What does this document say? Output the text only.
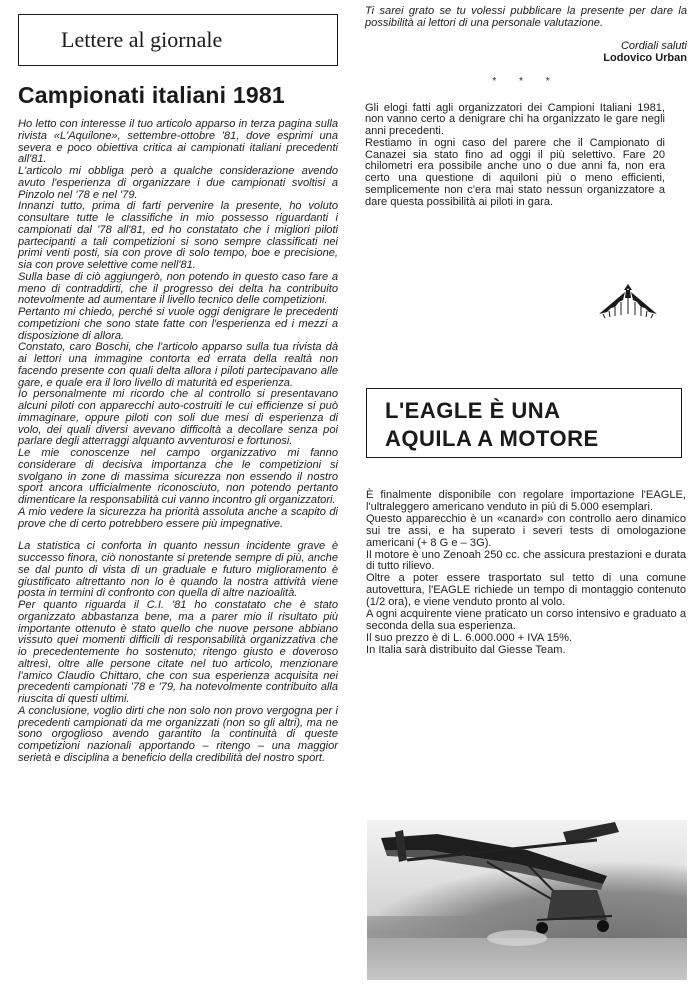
Lettere al giornale
Campionati italiani 1981

Ho letto con interesse il tuo articolo apparso in terza pagina sulla rivista «L'Aquilone», settembre-ottobre '81, dove esprimi una severa e poco obiettiva critica ai campionati italiani precedenti all'81.

L'articolo mi obbliga però a qualche considerazione avendo avuto l'esperienza di organizzare i due campionati svoltisi a Pinzolo nel '78 e nel '79.

Innanzi tutto, prima di farti pervenire la presente, ho voluto consultare tutte le classifiche in mio possesso riguardanti i campionati dal '78 all'81, ed ho constatato che i migliori piloti partecipanti a tali competizioni si sono sempre classificati nei primi venti posti, sia con prove di solo tempo, boe e precisione, sia con prove selettive come nell'81.

Sulla base di ciò aggiungerò, non potendo in questo caso fare a meno di contraddirti, che il progresso dei delta ha contribuito notevolmente ad aumentare il livello tecnico delle competizioni.

Pertanto mi chiedo, perché si vuole oggi denigrare le precedenti competizioni che sono state fatte con l'esperienza ed i mezzi a disposizione di allora.

Constato, caro Boschi, che l'articolo apparso sulla tua rivista dà ai lettori una immagine contorta ed errata della realtà non facendo presente con quali delta allora i piloti partecipavano alle gare, e quale era il loro livello di maturità ed esperienza.

Io personalmente mi ricordo che al controllo si presentavano alcuni piloti con apparecchi auto-costruiti le cui efficienze si può immaginare, oppure piloti con soli due mesi di esperienza di volo, dei quali diversi avevano difficoltà a decollare senza poi parlare degli atterraggi alquanto avventurosi e fortunosi.

Le mie conoscenze nel campo organizzativo mi fanno considerare di decisiva importanza che le competizioni si svolgano in zone di massima sicurezza non essendo il nostro sport ancora ufficialmente riconosciuto, non potendo pertanto dimenticare la responsabilità cui vanno incontro gli organizzatori.

A mio vedere la sicurezza ha priorità assoluta anche a scapito di prove che di certo potrebbero essere più impegnative.

La statistica ci conforta in quanto nessun incidente grave è successo finora, ciò nonostante si pretende sempre di più, anche se dal punto di vista di un graduale e futuro miglioramento è giustificato altrettanto non lo è quando la nostra attività viene posta in termini di confronto con quella di altre nazioalità.

Per quanto riguarda il C.I. '81 ho constatato che è stato organizzato abbastanza bene, ma a parer mio il risultato più importante ottenuto è stato quello che nuove persone abbiano vissuto quei momenti difficili di responsabilità organizzativa che io precedentemente ho sostenuto; ritengo giusto e doveroso altresì, oltre alle persone citate nel tuo articolo, menzionare l'amico Claudio Chittaro, che con sua esperienza acquisita nei precedenti campionati '78 e '79, ha notevolmente contribuito alla riuscita di questi ultimi.

A conclusione, voglio dirti che non solo non provo vergogna per i precedenti campionati da me organizzati (non so gli altri), ma ne sono orgoglioso avendo garantito la continuità di queste competizioni nazionali apportando – ritengo – una maggior serietà e disciplina a beneficio della credibilità del nostro sport.

Ti sarei grato se tu volessi pubblicare la presente per dare la possibilità ai lettori di una personale valutazione.

Cordiali saluti
Lodovico Urban
* * *

Gli elogi fatti agli organizzatori dei Campioni Italiani 1981, non vanno certo a denigrare chi ha organizzato le gare negli anni precedenti.

Restiamo in ogni caso del parere che il Campionato di Canazei sia stato fino ad oggi il più selettivo. Fare 20 chilometri era possibile anche uno o due anni fa, non era certo una questione di aquiloni più o meno efficienti, semplicemente non c'era mai stato nessun organizzatore a dare questa possibilità ai piloti in gara.

L'EAGLE È UNA
AQUILA A MOTORE

È finalmente disponibile con regolare importazione l'EAGLE, l'ultraleggero americano venduto in più di 5.000 esemplari.

Questo apparecchio è un «canard» con controllo aero dinamico sui tre assi, e ha superato i severi tests di omologazione americani (+ 8 G e – 3G).

Il motore è uno Zenoah 250 cc. che assicura prestazioni e durata di tutto rilievo.

Oltre a poter essere trasportato sul tetto di una comune autovettura, l'EAGLE richiede un tempo di montaggio contenuto (1/2 ora), e viene venduto pronto al volo.

A ogni acquirente viene praticato un corso intensivo e graduato a seconda della sua esperienza.

Il suo prezzo è di L. 6.000.000 + IVA 15%.

In Italia sarà distribuito dal Giesse Team.
